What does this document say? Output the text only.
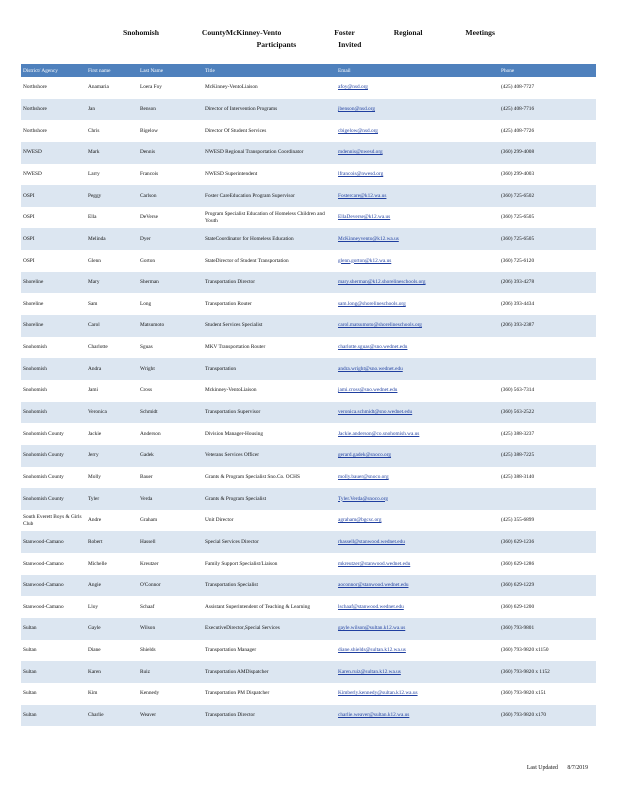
Snohomish	CountyMcKinney-Vento	Foster	Regional	Meetings
Participants	Invited
District/ Agency	First name	Last Name	Title	Email	Phone
Northshore	Anamaria	Loera Foy	McKinney-VentoLiaison	afoy@nsd.org	(425) 408-7727
Northshore	Jan	Benson	Director of Intervention Programs	jbenson@nsd.org	(425) 408-7716
Northshore	Chris	Bigelow	Director Of Student Services	cbigelow@nsd.org	(425) 408-7726
NWESD	Mark	Dennis	NWESD Regional Transportation Coordinator	mdennis@nwesd.org	(360) 299-4008
NWESD	Larry	Francois	NWESD Superintendent	lfrancois@nwesd.org	(360) 299-4003
OSPI	Peggy	Carlson	Foster CareEducation Program Supervisor	Fostercare@k12.wa.us	(360) 725-6502
OSPI	Ella	DeVerse	Program Specialist Education of Homeless Children and Youth	EllaDeverse@k12.wa.us	(360) 725-6505
OSPI	Melinda	Dyer	StateCoordinator for Homeless Education	McKinneyvento@k12.wa.us	(360) 725-6505
OSPI	Glenn	Gorton	StateDirector of Student Transportation	glenn.gorton@k12.wa.us	(360) 725-6120
Shoreline	Mary	Sherman	Transportation Director	mary.sherman@k12.shorelineschools.org	(206) 393-4278
Shoreline	Sam	Long	Transportation Router	sam.long@shorelineschools.org	(206) 393-4434
Shoreline	Carol	Matsumoto	Student Services Specialist	carol.matsumoto@shorelineschools.org	(206) 393-2387
Snohomish	Charlotte	Sguas	MKV Transportation Router	charlotte.sguas@sno.wednet.edu	
Snohomish	Andra	Wright	Transportation	andra.wright@sno.wednet.edu	
Snohomish	Jami	Cross	Mckinney-VentoLiaison	jami.cross@sno.wednet.edu	(360) 563-7314
Snohomish	Veronica	Schmidt	Transportation Supervisor	veronica.schmidt@sno.wednet.edu	(360) 563-2522
Snohomish County	Jackie	Anderson	Division Manager-Housing	Jackie.anderson@co.snohomish.wa.us	(425) 388-3237
Snohomish County	Jerry	Gadek	Veterans Services Officer	gerard.gadek@snoco.org	(425) 388-7225
Snohomish County	Molly	Bauer	Grants & Program Specialist Sno.Co. OCHS	molly.bauer@snoco.org	(425) 388-3140
Snohomish County	Tyler	Verda	Grants & Program Specialist	Tyler.Verda@snoco.org	
South Everett Boys & Girls Club	Andre	Graham	Unit Director	agraham@bgcsc.org	(425) 355-6899
Stanwood-Camano	Robert	Hassell	Special Services Director	rhassell@stanwood.wednet.edu	(360) 629-1236
Stanwood-Camano	Michelle	Kreutzer	Family Support Specialist/Liaison	mkreutzer@stanwood.wednet.edu	(360) 629-1286
Stanwood-Camano	Angie	O'Connor	Transportation Specialist	aoconnor@stanwood.wednet.edu	(360) 629-1229
Stanwood-Camano	Lloy	Schaaf	Assistant Superintendent of Teaching & Learning	lschaaf@stanwood.wednet.edu	(360) 629-1200
Sultan	Gayle	Wilson	ExecutiveDirector,Special Services	gayle.wilson@sultan.k12.wa.us	(360) 793-9801
Sultan	Diane	Shields	Transportation Manager	diane.shields@sultan.k12.wa.us	(360) 793-9820 x1150
Sultan	Karen	Ruiz	Transportation AMDispatcher	Karen.ruiz@sultan.k12.wa.us	(360) 793-9820 x 1152
Sultan	Kim	Kennedy	Transportation PM Dispatcher	Kimberly.kennedy@sultan.k12.wa.us	(360) 793-9820 x151
Sultan	Charlie	Weaver	Transportation Director	charlie.weaver@sultan.k12.wa.us	(360) 793-9820 x170
Last Updated 8/7/2019
